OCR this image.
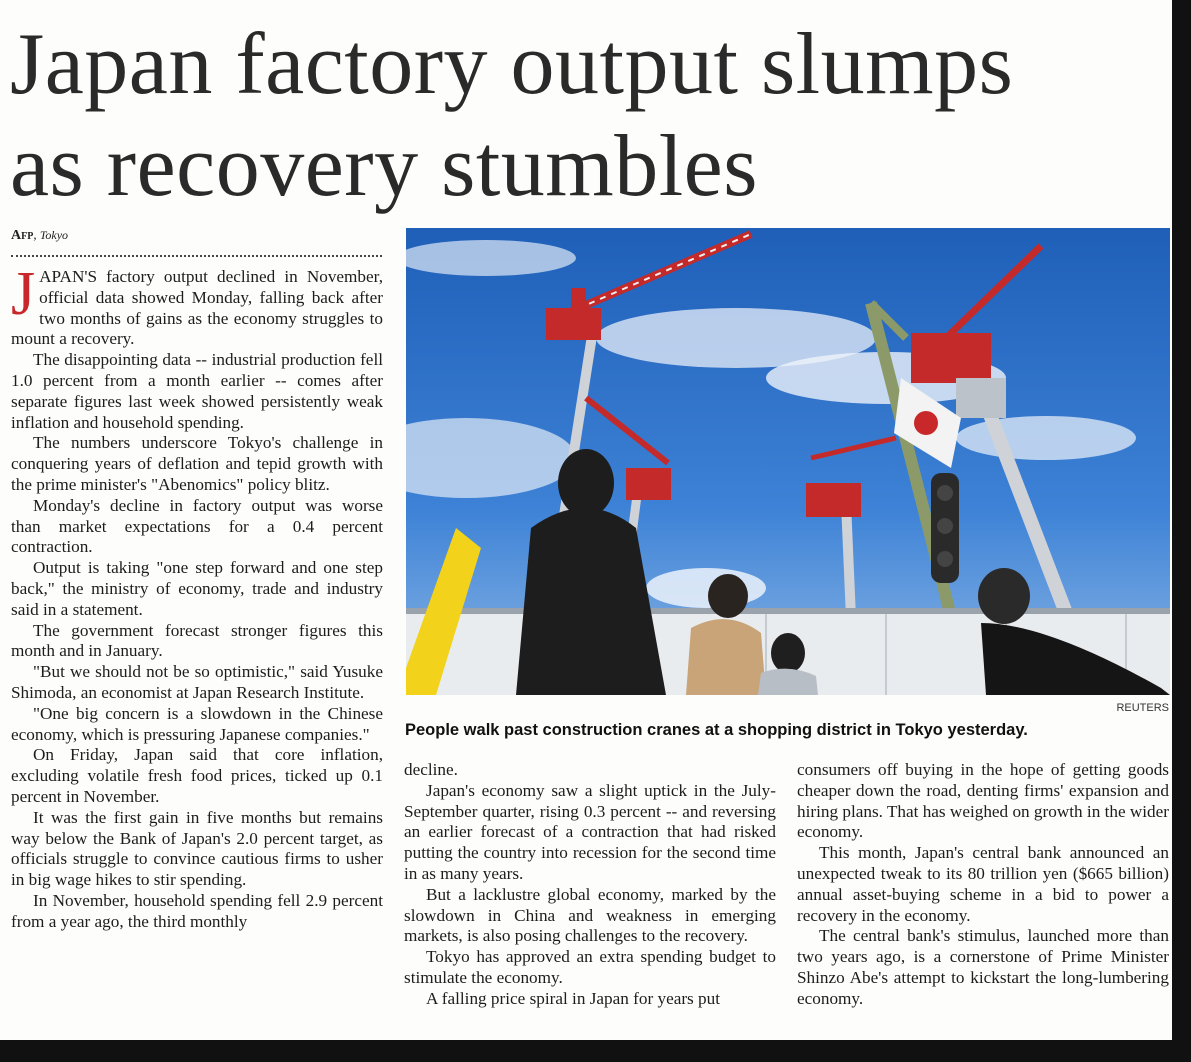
Japan factory output slumps
as recovery stumbles
Afp, Tokyo

JAPAN'S factory output declined in November, official data showed Monday, falling back after two months of gains as the economy struggles to mount a recovery.

The disappointing data -- industrial production fell 1.0 percent from a month earlier -- comes after separate figures last week showed persistently weak inflation and household spending.

The numbers underscore Tokyo's challenge in conquering years of deflation and tepid growth with the prime minister's "Abenomics" policy blitz.

Monday's decline in factory output was worse than market expectations for a 0.4 percent contraction.

Output is taking "one step forward and one step back," the ministry of economy, trade and industry said in a statement.

The government forecast stronger figures this month and in January.

"But we should not be so optimistic," said Yusuke Shimoda, an economist at Japan Research Institute.

"One big concern is a slowdown in the Chinese economy, which is pressuring Japanese companies."

On Friday, Japan said that core inflation, excluding volatile fresh food prices, ticked up 0.1 percent in November.

It was the first gain in five months but remains way below the Bank of Japan's 2.0 percent target, as officials struggle to convince cautious firms to usher in big wage hikes to stir spending.

In November, household spending fell 2.9 percent from a year ago, the third monthly

REUTERS
People walk past construction cranes at a shopping district in Tokyo yesterday.

decline.

Japan's economy saw a slight uptick in the July-September quarter, rising 0.3 percent -- and reversing an earlier forecast of a contraction that had risked putting the country into recession for the second time in as many years.

But a lacklustre global economy, marked by the slowdown in China and weakness in emerging markets, is also posing challenges to the recovery.

Tokyo has approved an extra spending budget to stimulate the economy.

A falling price spiral in Japan for years put

consumers off buying in the hope of getting goods cheaper down the road, denting firms' expansion and hiring plans. That has weighed on growth in the wider economy.

This month, Japan's central bank announced an unexpected tweak to its 80 trillion yen ($665 billion) annual asset-buying scheme in a bid to power a recovery in the economy.

The central bank's stimulus, launched more than two years ago, is a cornerstone of Prime Minister Shinzo Abe's attempt to kickstart the long-lumbering economy.
